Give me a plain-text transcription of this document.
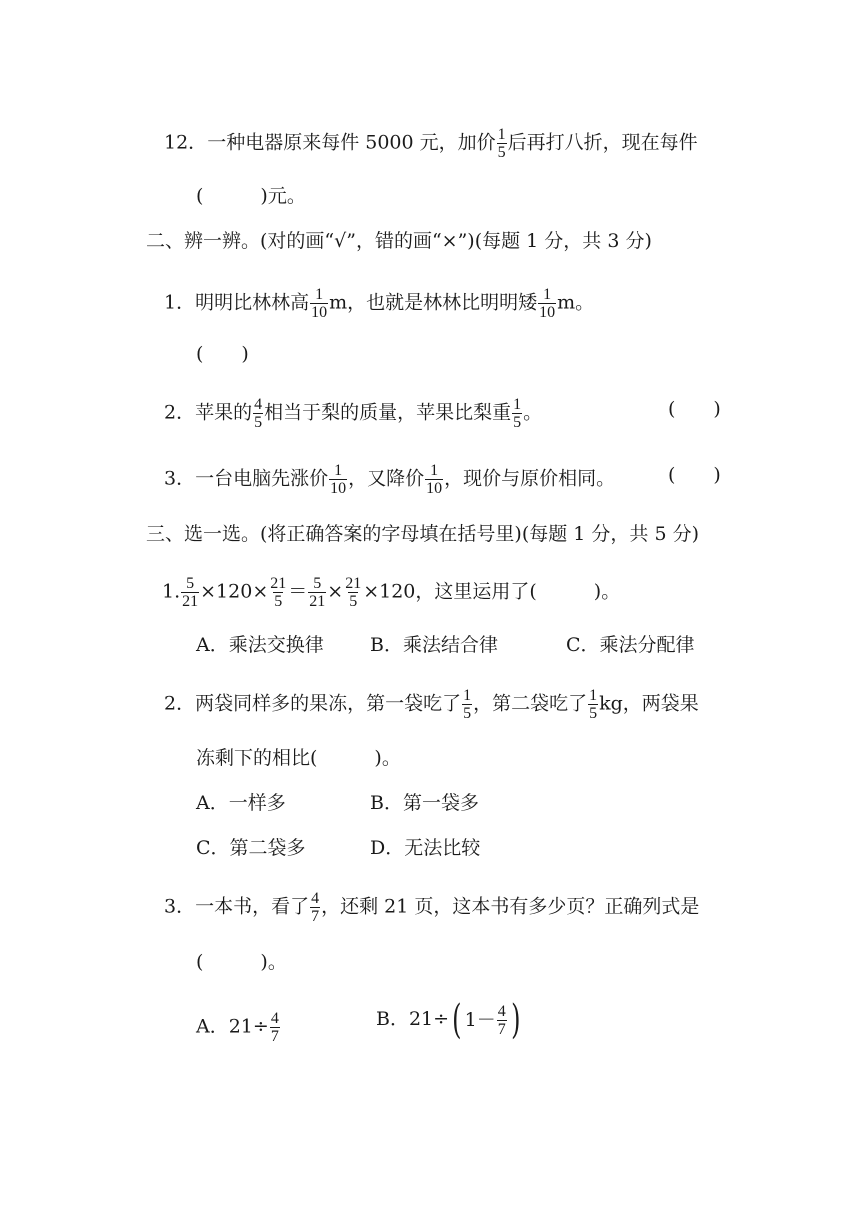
12．一种电器原来每件 5000 元，加价 $\frac{1}{5}$ 后再打八折，现在每件
(　　　)元。
二、辨一辨。(对的画“√”，错的画“×”)(每题 1 分，共 3 分)
1．明明比林林高 $\frac{1}{10}$ m，也就是林林比明明矮 $\frac{1}{10}$ m。
(　　)
2．苹果的 $\frac{4}{5}$ 相当于梨的质量，苹果比梨重 $\frac{1}{5}$ 。	(　　)
3．一台电脑先涨价 $\frac{1}{10}$ ，又降价 $\frac{1}{10}$ ，现价与原价相同。	(　　)
三、选一选。(将正确答案的字母填在括号里)(每题 1 分，共 5 分)
1. $\frac{5}{21} \times 120\times \frac{21}{5} = \frac{5}{21} \times \frac{21}{5} \times 120$，这里运用了(　　　)。
A．乘法交换律 B．乘法结合律	C．乘法分配律
2．两袋同样多的果冻，第一袋吃了 $\frac{1}{5}$ ，第二袋吃了 $\frac{1}{5}$ kg，两袋果
冻剩下的相比(　　　)。
A．一样多	B．第一袋多
C．第二袋多	D．无法比较
3．一本书，看了 $\frac{4}{7}$ ，还剩 21 页，这本书有多少页？正确列式是
(　　　)。
A．$21\div \frac{4}{7}$	B．21÷ ( $1- \frac{4}{7}$ )
